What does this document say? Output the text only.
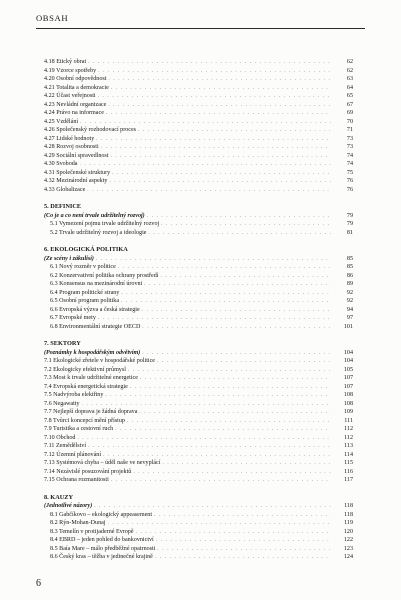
OBSAH
4.18 Etický obrat . . .	62
4.19 Vzorce spotřeby . . .	62
4.20 Osobní odpovědnost . . .	63
4.21 Totalita a demokracie . . .	64
4.22 Účast veřejnosti . . .	65
4.23 Nevládní organizace . . .	67
4.24 Právo na informace . . .	69
4.25 Vzdělání . . .	70
4.26 Společenský rozhodovací proces . . .	71
4.27 Lidské hodnoty . . .	73
4.28 Rozvoj osobnosti . . .	73
4.29 Sociální spravedlnost . . .	74
4.30 Svoboda . . .	74
4.31 Společenské struktury . . .	75
4.32 Mezinárodní aspekty . . .	76
4.33 Globalizace . . .	76
5. DEFINICE
(Co je a co není trvale udržitelný rozvoj) . . .	79
5.1 Vymezení pojmu trvale udržitelný rozvoj . . .	79
5.2 Trvale udržitelný rozvoj a ideologie . . .	81
6. EKOLOGICKÁ POLITIKA
(Ze scény i zákulisí) . . .	85
6.1 Nový rozměr v politice . . .	85
6.2 Konzervativní politika ochrany prostředí . . .	86
6.3 Konsensus na mezinárodní úrovni . . .	89
6.4 Program politické strany . . .	92
6.5 Osobní program politika . . .	92
6.6 Evropská výzva a česká strategie . . .	94
6.7 Evropské mety . . .	97
6.8 Environmentální strategie OECD . . .	101
7. SEKTORY
(Poznámky k hospodářským odvětvím) . . .	104
7.1 Ekologické zřetele v hospodářské politice . . .	104
7.2 Ekologicky efektivní průmysl . . .	105
7.3 Most k trvale udržitelné energetice . . .	107
7.4 Evropská energetická strategie . . .	107
7.5 Nadvýroba elektřiny . . .	108
7.6 Negawatty . . .	108
7.7 Nejlepší doprava je žádná doprava . . .	109
7.8 Tvůrci koncepcí mění přístup . . .	111
7.9 Turistika a cestovní ruch . . .	112
7.10 Obchod . . .	112
7.11 Zemědělství . . .	113
7.12 Územní plánování . . .	114
7.13 Systémová chyba – úděl naše ve nevyplácí . . .	115
7.14 Nezávislé posuzování projektů . . .	116
7.15 Ochrana rozmanitosti . . .	117
8. KAUZY
(Jednotlivé názory) . . .	118
8.1 Gabčíkovo – ekologický appeasement . . .	118
8.2 Rýn-Mohan-Dunaj . . .	119
8.3 Temelín v protijaderné Evropě . . .	120
8.4 EBRD – jeden pohled do bankovnictví . . .	122
8.5 Baía Mare – málo předběžné opatrnosti . . .	123
8.6 Český kras – těžba v jedinečné krajině . . .	124
6
